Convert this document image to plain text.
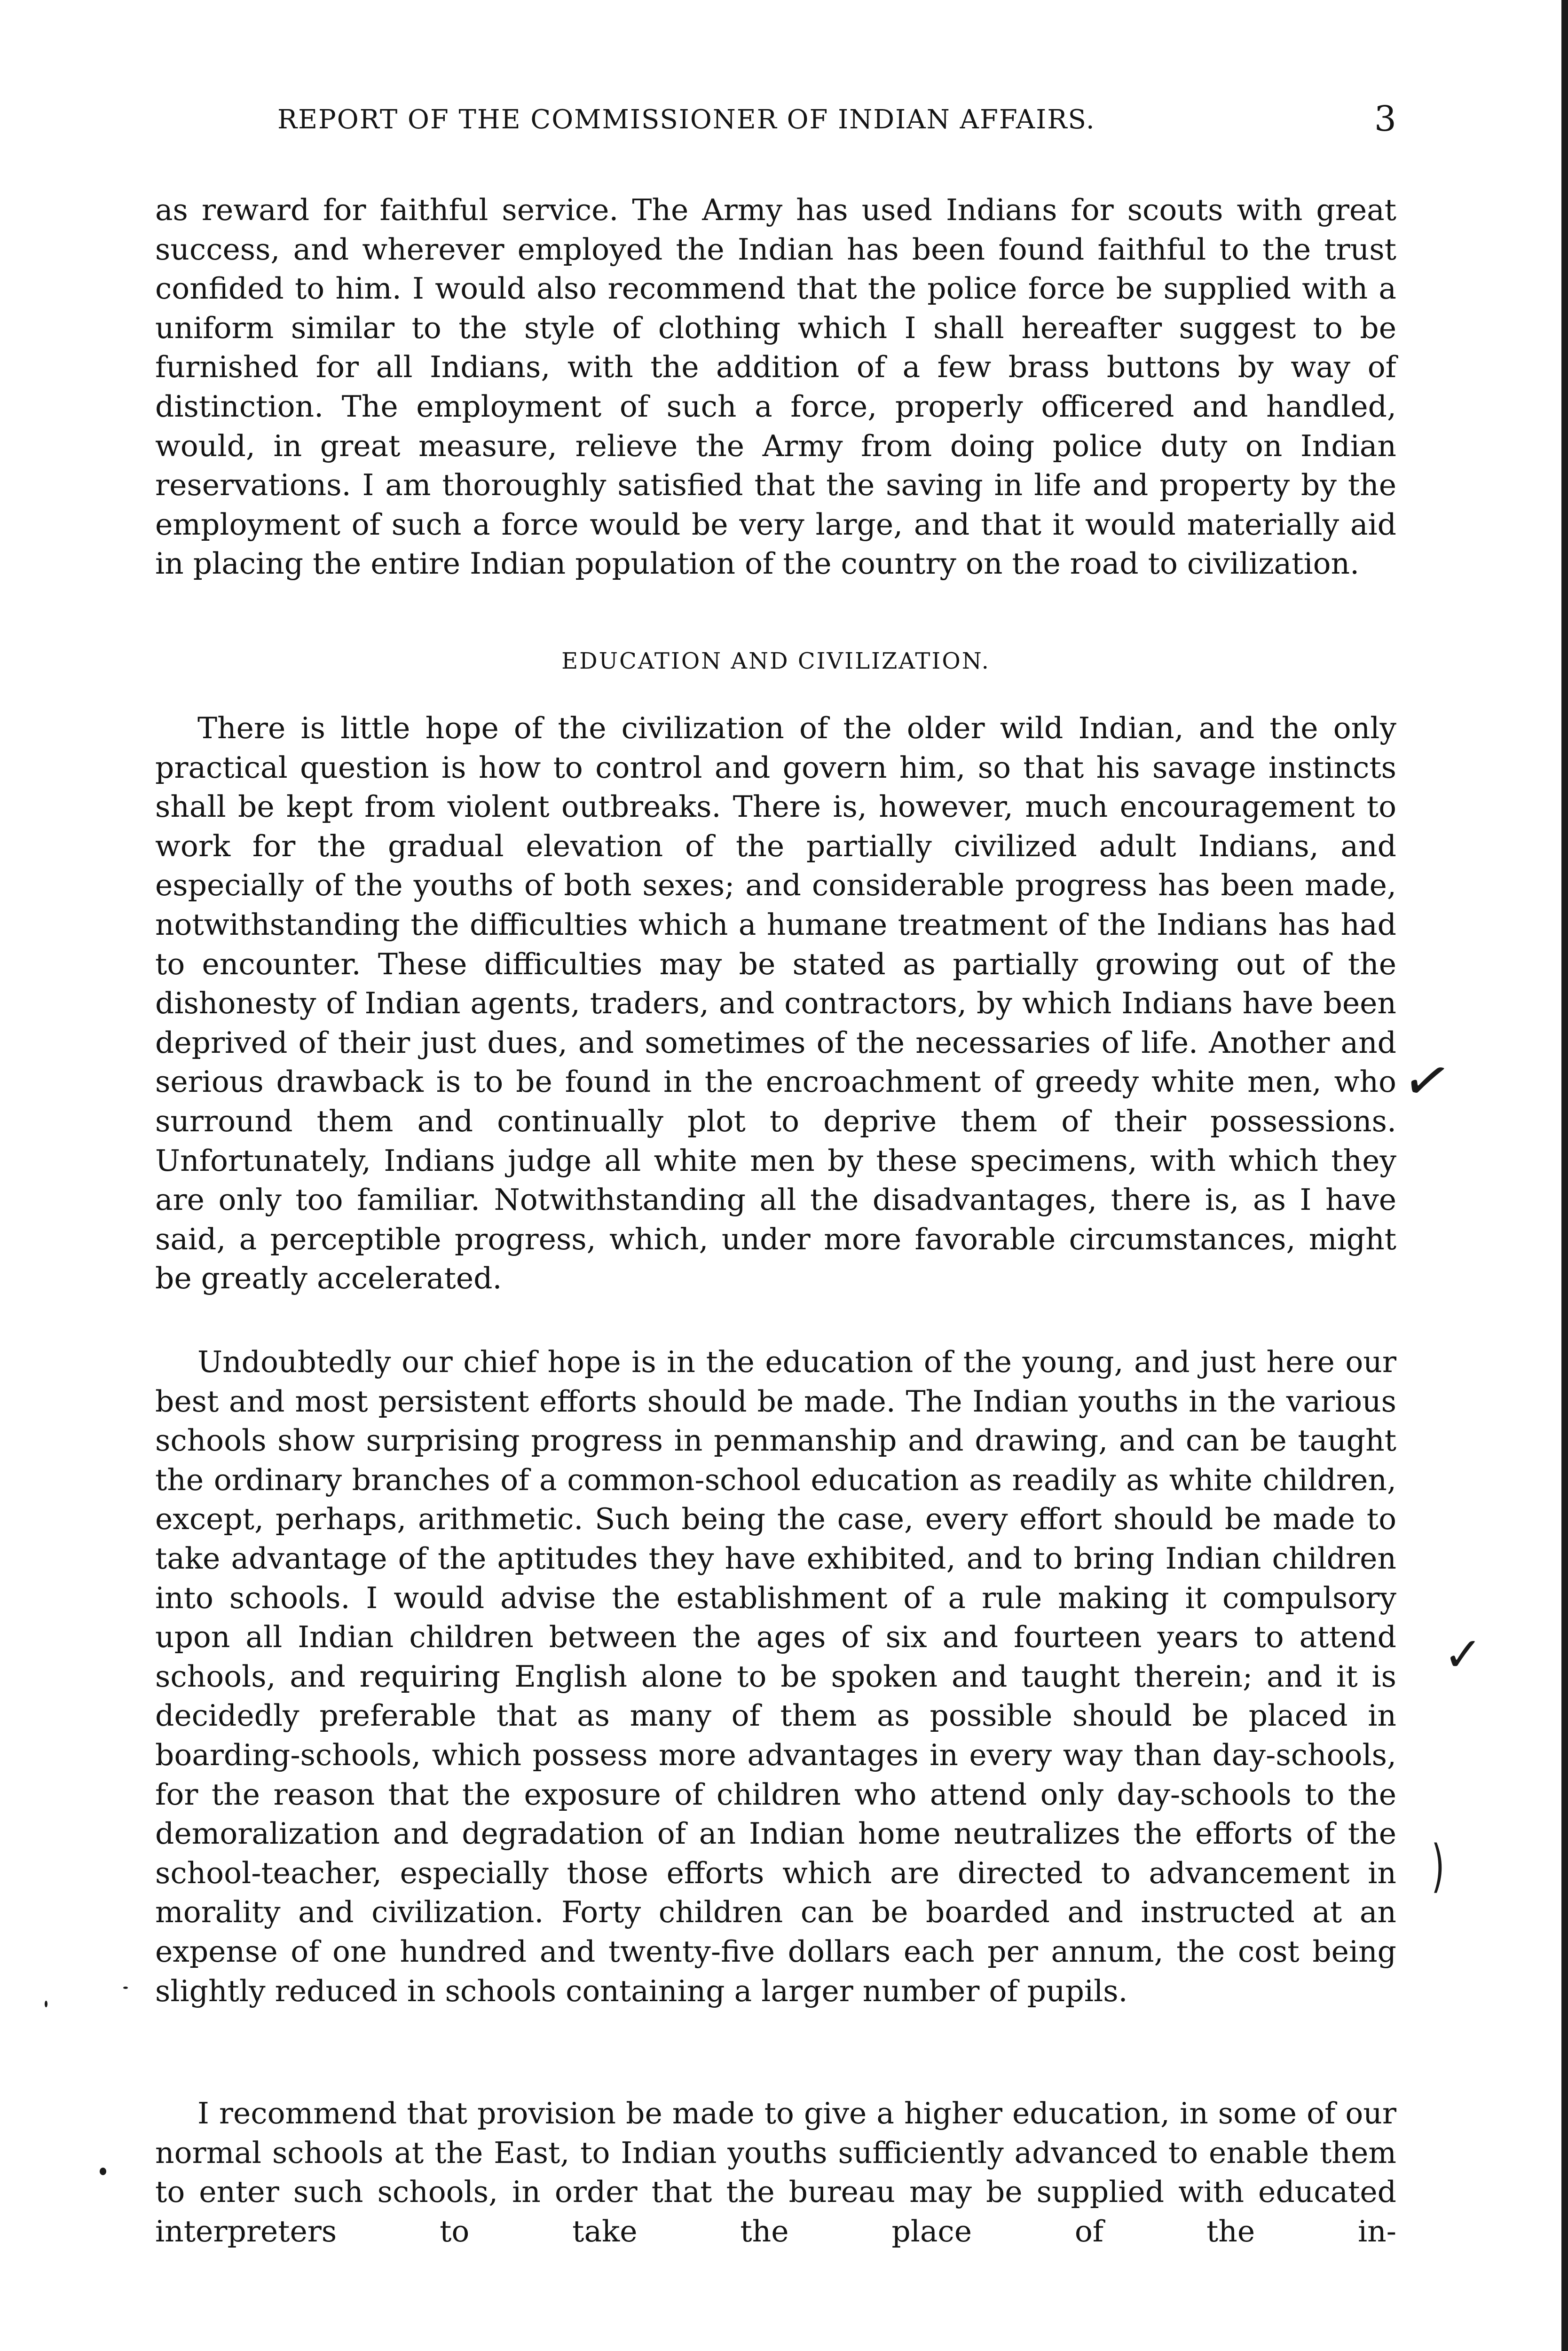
REPORT OF THE COMMISSIONER OF INDIAN AFFAIRS.	3

as reward for faithful service. The Army has used Indians for scouts with great success, and wherever employed the Indian has been found faithful to the trust confided to him. I would also recommend that the police force be supplied with a uniform similar to the style of clothing which I shall hereafter suggest to be furnished for all Indians, with the addition of a few brass buttons by way of distinction. The employment of such a force, properly officered and handled, would, in great measure, relieve the Army from doing police duty on Indian reservations. I am thoroughly satisfied that the saving in life and property by the employment of such a force would be very large, and that it would materially aid in placing the entire Indian population of the country on the road to civilization.

EDUCATION AND CIVILIZATION.

There is little hope of the civilization of the older wild Indian, and the only practical question is how to control and govern him, so that his savage instincts shall be kept from violent outbreaks. There is, however, much encouragement to work for the gradual elevation of the partially civilized adult Indians, and especially of the youths of both sexes; and considerable progress has been made, notwithstanding the difficulties which a humane treatment of the Indians has had to encounter. These difficulties may be stated as partially growing out of the dishonesty of Indian agents, traders, and contractors, by which Indians have been deprived of their just dues, and sometimes of the necessaries of life. Another and serious drawback is to be found in the encroachment of greedy white men, who surround them and continually plot to deprive them of their possessions. Unfortunately, Indians judge all white men by these specimens, with which they are only too familiar. Notwithstanding all the disadvantages, there is, as I have said, a perceptible progress, which, under more favorable circumstances, might be greatly accelerated.

Undoubtedly our chief hope is in the education of the young, and just here our best and most persistent efforts should be made. The Indian youths in the various schools show surprising progress in penmanship and drawing, and can be taught the ordinary branches of a common-school education as readily as white children, except, perhaps, arithmetic. Such being the case, every effort should be made to take advantage of the aptitudes they have exhibited, and to bring Indian children into schools. I would advise the establishment of a rule making it compulsory upon all Indian children between the ages of six and fourteen years to attend schools, and requiring English alone to be spoken and taught therein; and it is decidedly preferable that as many of them as possible should be placed in boarding-schools, which possess more advantages in every way than day-schools, for the reason that the exposure of children who attend only day-schools to the demoralization and degradation of an Indian home neutralizes the efforts of the school-teacher, especially those efforts which are directed to advancement in morality and civilization. Forty children can be boarded and instructed at an expense of one hundred and twenty-five dollars each per annum, the cost being slightly reduced in schools containing a larger number of pupils.

I recommend that provision be made to give a higher education, in some of our normal schools at the East, to Indian youths sufficiently advanced to enable them to enter such schools, in order that the bureau may be supplied with educated interpreters to take the place of the in-

✓
✓
)
